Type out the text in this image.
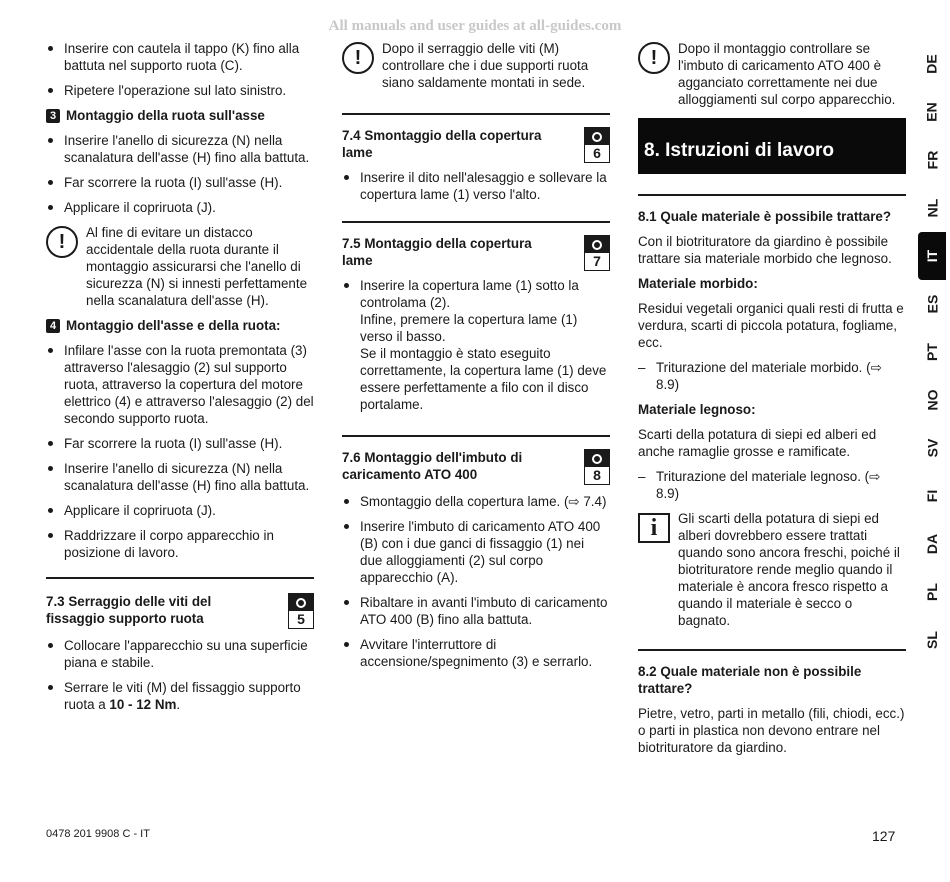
All manuals and user guides at all-guides.com
Inserire con cautela il tappo (K) fino alla battuta nel supporto ruota (C).
Ripetere l'operazione sul lato sinistro.
3 Montaggio della ruota sull'asse
Inserire l'anello di sicurezza (N) nella scanalatura dell'asse (H) fino alla battuta.
Far scorrere la ruota (I) sull'asse (H).
Applicare il copriruota (J).
!	Al fine di evitare un distacco accidentale della ruota durante il montaggio assicurarsi che l'anello di sicurezza (N) si innesti perfettamente nella scanalatura dell'asse (H).
4 Montaggio dell'asse e della ruota:
Infilare l'asse con la ruota premontata (3) attraverso l'alesaggio (2) sul supporto ruota, attraverso la copertura del motore elettrico (4) e attraverso l'alesaggio (2) del secondo supporto ruota.
Far scorrere la ruota (I) sull'asse (H).
Inserire l'anello di sicurezza (N) nella scanalatura dell'asse (H) fino alla battuta.
Applicare il copriruota (J).
Raddrizzare il corpo apparecchio in posizione di lavoro.
7.3 Serraggio delle viti del fissaggio supporto ruota	5
Collocare l'apparecchio su una superficie piana e stabile.
Serrare le viti (M) del fissaggio supporto ruota a 10 - 12 Nm.
!	Dopo il serraggio delle viti (M) controllare che i due supporti ruota siano saldamente montati in sede.
7.4 Smontaggio della copertura lame	6
Inserire il dito nell'alesaggio e sollevare la copertura lame (1) verso l'alto.
7.5 Montaggio della copertura lame	7
Inserire la copertura lame (1) sotto la controlama (2).
Infine, premere la copertura lame (1) verso il basso.
Se il montaggio è stato eseguito correttamente, la copertura lame (1) deve essere perfettamente a filo con il disco portalame.
7.6 Montaggio dell'imbuto di caricamento ATO 400	8
Smontaggio della copertura lame. (⇨ 7.4)
Inserire l'imbuto di caricamento ATO 400 (B) con i due ganci di fissaggio (1) nei due alloggiamenti (2) sul corpo apparecchio (A).
Ribaltare in avanti l'imbuto di caricamento ATO 400 (B) fino alla battuta.
Avvitare l'interruttore di accensione/spegnimento (3) e serrarlo.
!	Dopo il montaggio controllare se l'imbuto di caricamento ATO 400 è agganciato correttamente nei due alloggiamenti sul corpo apparecchio.
8. Istruzioni di lavoro
8.1 Quale materiale è possibile trattare?
Con il biotrituratore da giardino è possibile trattare sia materiale morbido che legnoso.
Materiale morbido:
Residui vegetali organici quali resti di frutta e verdura, scarti di piccola potatura, fogliame, ecc.
– Triturazione del materiale morbido. (⇨ 8.9)
Materiale legnoso:
Scarti della potatura di siepi ed alberi ed anche ramaglie grosse e ramificate.
– Triturazione del materiale legnoso. (⇨ 8.9)
i	Gli scarti della potatura di siepi ed alberi dovrebbero essere trattati quando sono ancora freschi, poiché il biotrituratore rende meglio quando il materiale è ancora fresco rispetto a quando il materiale è secco o bagnato.
8.2 Quale materiale non è possibile trattare?
Pietre, vetro, parti in metallo (fili, chiodi, ecc.) o parti in plastica non devono entrare nel biotrituratore da giardino.
DE
EN
FR
NL
IT
ES
PT
NO
SV
FI
DA
PL
SL
0478 201 9908 C - IT	127
